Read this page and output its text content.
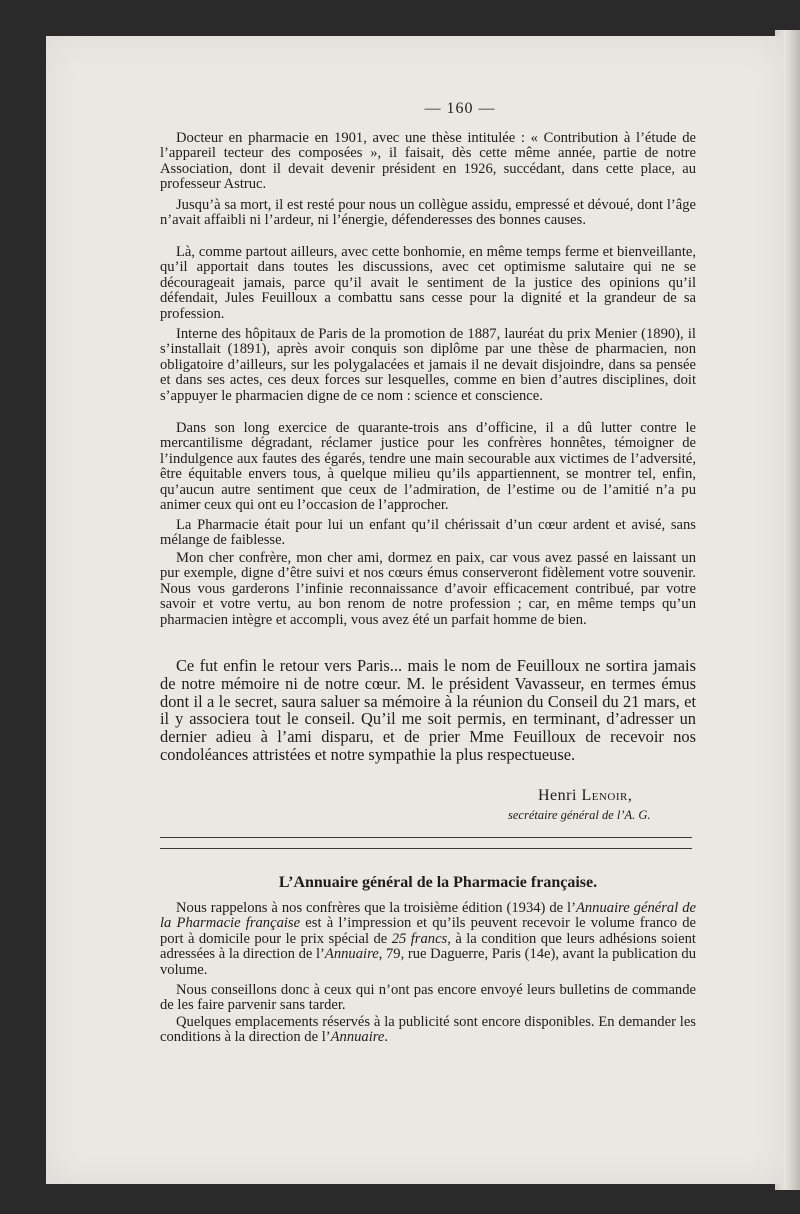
— 160 —

Docteur en pharmacie en 1901, avec une thèse intitulée : « Contribution à l’étude de l’appareil tecteur des composées », il faisait, dès cette même année, partie de notre Association, dont il devait devenir président en 1926, succédant, dans cette place, au professeur Astruc.

Jusqu’à sa mort, il est resté pour nous un collègue assidu, empressé et dévoué, dont l’âge n’avait affaibli ni l’ardeur, ni l’énergie, défenderesses des bonnes causes.

Là, comme partout ailleurs, avec cette bonhomie, en même temps ferme et bienveillante, qu’il apportait dans toutes les discussions, avec cet optimisme salutaire qui ne se décourageait jamais, parce qu’il avait le sentiment de la justice des opinions qu’il défendait, Jules Feuilloux a combattu sans cesse pour la dignité et la grandeur de sa profession.

Interne des hôpitaux de Paris de la promotion de 1887, lauréat du prix Menier (1890), il s’installait (1891), après avoir conquis son diplôme par une thèse de pharmacien, non obligatoire d’ailleurs, sur les polygalacées et jamais il ne devait disjoindre, dans sa pensée et dans ses actes, ces deux forces sur lesquelles, comme en bien d’autres disciplines, doit s’appuyer le pharmacien digne de ce nom : science et conscience.

Dans son long exercice de quarante-trois ans d’officine, il a dû lutter contre le mercantilisme dégradant, réclamer justice pour les confrères honnêtes, témoigner de l’indulgence aux fautes des égarés, tendre une main secourable aux victimes de l’adversité, être équitable envers tous, à quelque milieu qu’ils appartiennent, se montrer tel, enfin, qu’aucun autre sentiment que ceux de l’admiration, de l’estime ou de l’amitié n’a pu animer ceux qui ont eu l’occasion de l’approcher.

La Pharmacie était pour lui un enfant qu’il chérissait d’un cœur ardent et avisé, sans mélange de faiblesse.

Mon cher confrère, mon cher ami, dormez en paix, car vous avez passé en laissant un pur exemple, digne d’être suivi et nos cœurs émus conserveront fidèlement votre souvenir. Nous vous garderons l’infinie reconnaissance d’avoir efficacement contribué, par votre savoir et votre vertu, au bon renom de notre profession ; car, en même temps qu’un pharmacien intègre et accompli, vous avez été un parfait homme de bien.

Ce fut enfin le retour vers Paris... mais le nom de Feuilloux ne sortira jamais de notre mémoire ni de notre cœur. M. le président Vavasseur, en termes émus dont il a le secret, saura saluer sa mémoire à la réunion du Conseil du 21 mars, et il y associera tout le conseil. Qu’il me soit permis, en terminant, d’adresser un dernier adieu à l’ami disparu, et de prier Mme Feuilloux de recevoir nos condoléances attristées et notre sympathie la plus respectueuse.

Henri Lenoir,
secrétaire général de l’A. G.
L’Annuaire général de la Pharmacie française.

Nous rappelons à nos confrères que la troisième édition (1934) de l’Annuaire général de la Pharmacie française est à l’impression et qu’ils peuvent recevoir le volume franco de port à domicile pour le prix spécial de 25 francs, à la condition que leurs adhésions soient adressées à la direction de l’Annuaire, 79, rue Daguerre, Paris (14e), avant la publication du volume.

Nous conseillons donc à ceux qui n’ont pas encore envoyé leurs bulletins de commande de les faire parvenir sans tarder.

Quelques emplacements réservés à la publicité sont encore disponibles. En demander les conditions à la direction de l’Annuaire.
